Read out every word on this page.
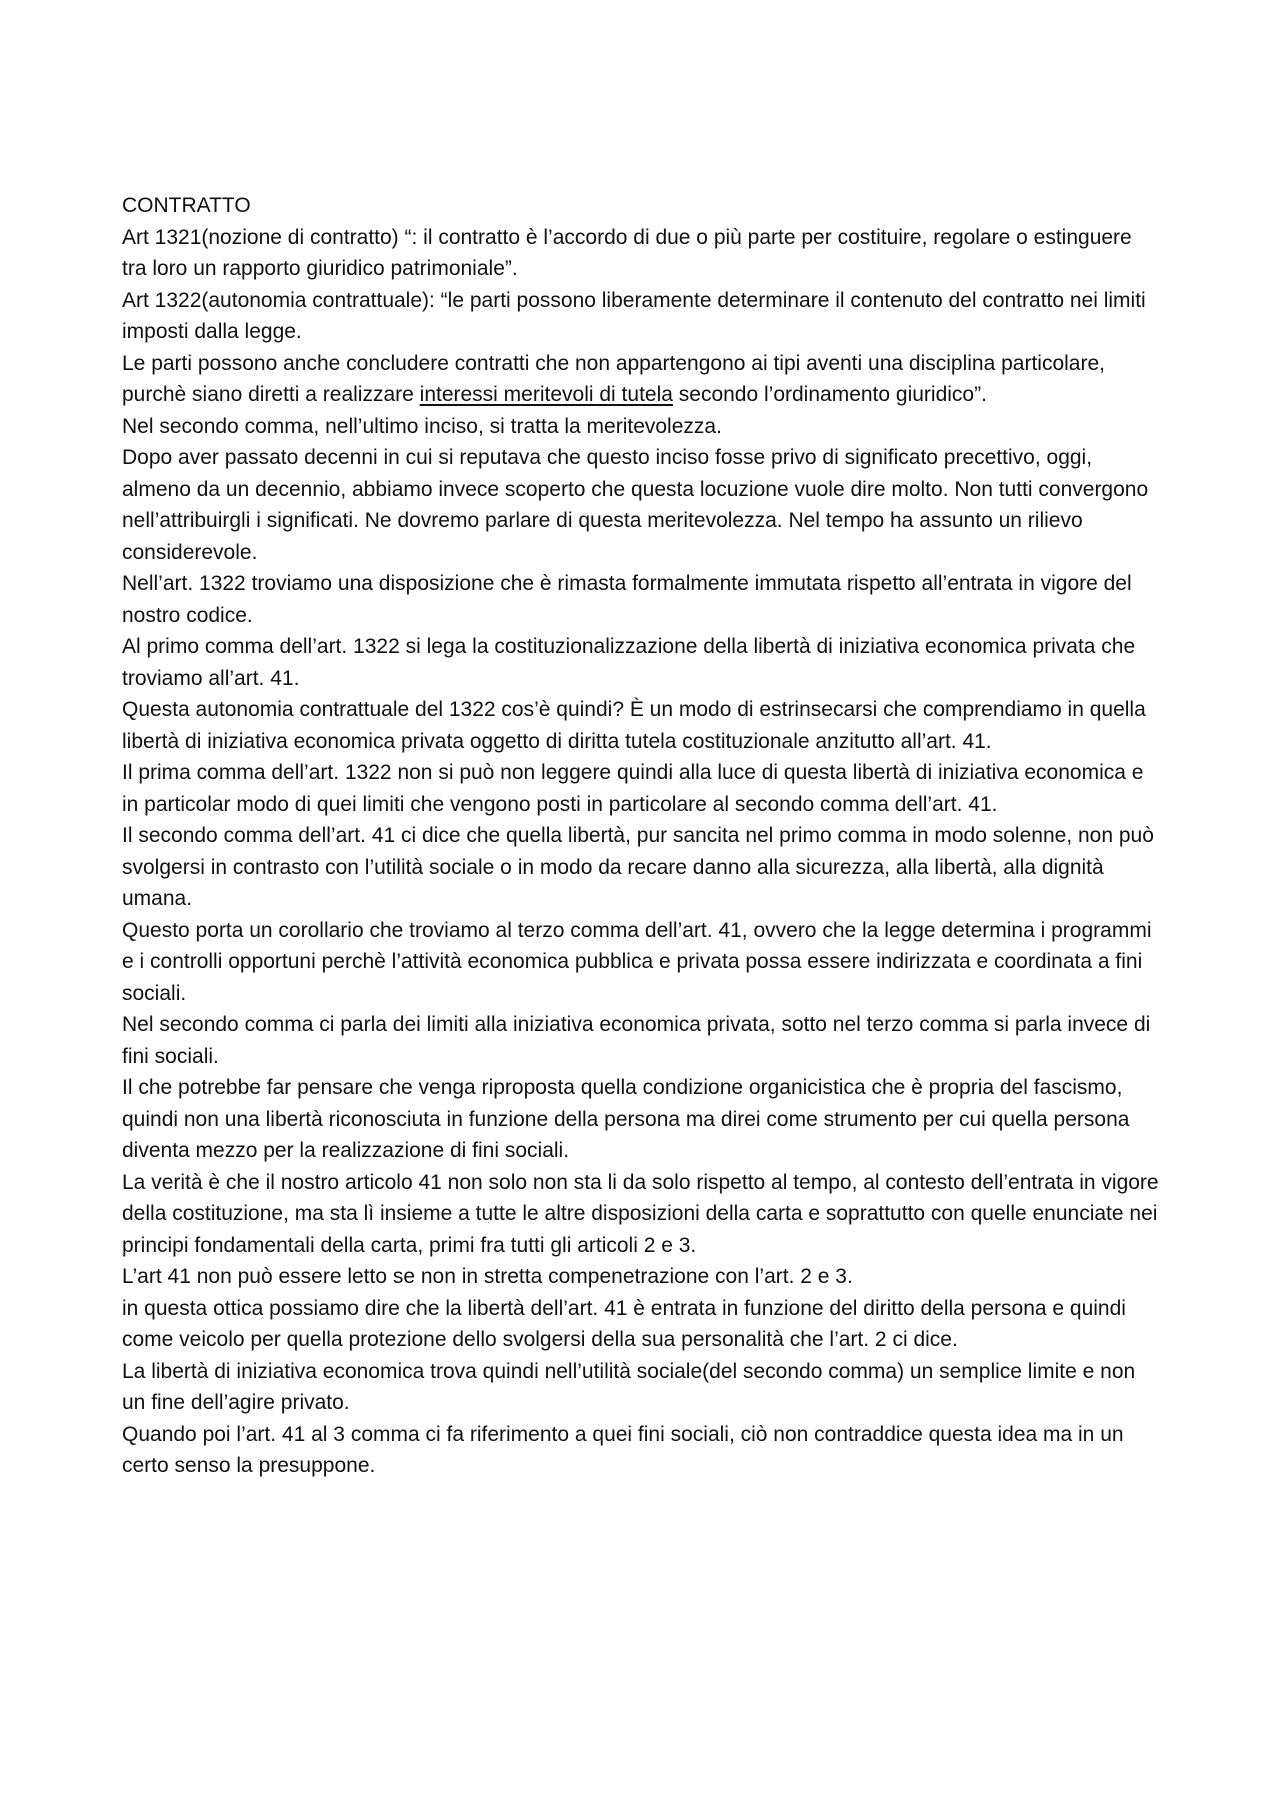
CONTRATTO

Art 1321(nozione di contratto) “: il contratto è l’accordo di due o più parte per costituire, regolare o estinguere tra loro un rapporto giuridico patrimoniale”.

Art 1322(autonomia contrattuale): “le parti possono liberamente determinare il contenuto del contratto nei limiti imposti dalla legge.

Le parti possono anche concludere contratti che non appartengono ai tipi aventi una disciplina particolare, purchè siano diretti a realizzare interessi meritevoli di tutela secondo l’ordinamento giuridico”.

Nel secondo comma, nell’ultimo inciso, si tratta la meritevolezza.

Dopo aver passato decenni in cui si reputava che questo inciso fosse privo di significato precettivo, oggi, almeno da un decennio, abbiamo invece scoperto che questa locuzione vuole dire molto. Non tutti convergono nell’attribuirgli i significati. Ne dovremo parlare di questa meritevolezza. Nel tempo ha assunto un rilievo considerevole.

Nell’art. 1322 troviamo una disposizione che è rimasta formalmente immutata rispetto all’entrata in vigore del nostro codice.

Al primo comma dell’art. 1322 si lega la costituzionalizzazione della libertà di iniziativa economica privata che troviamo all’art. 41.

Questa autonomia contrattuale del 1322 cos’è quindi? È un modo di estrinsecarsi che comprendiamo in quella libertà di iniziativa economica privata oggetto di diritta tutela costituzionale anzitutto all’art. 41.

Il prima comma dell’art. 1322 non si può non leggere quindi alla luce di questa libertà di iniziativa economica e in particolar modo di quei limiti che vengono posti in particolare al secondo comma dell’art. 41.

Il secondo comma dell’art. 41 ci dice che quella libertà, pur sancita nel primo comma in modo solenne, non può svolgersi in contrasto con l’utilità sociale o in modo da recare danno alla sicurezza, alla libertà, alla dignità umana.

Questo porta un corollario che troviamo al terzo comma dell’art. 41, ovvero che la legge determina i programmi e i controlli opportuni perchè l’attività economica pubblica e privata possa essere indirizzata e coordinata a fini sociali.

Nel secondo comma ci parla dei limiti alla iniziativa economica privata, sotto nel terzo comma si parla invece di fini sociali.

Il che potrebbe far pensare che venga riproposta quella condizione organicistica che è propria del fascismo, quindi non una libertà riconosciuta in funzione della persona ma direi come strumento per cui quella persona diventa mezzo per la realizzazione di fini sociali.

La verità è che il nostro articolo 41 non solo non sta li da solo rispetto al tempo, al contesto dell’entrata in vigore della costituzione, ma sta lì insieme a tutte le altre disposizioni della carta e soprattutto con quelle enunciate nei principi fondamentali della carta, primi fra tutti gli articoli 2 e 3.

L’art 41 non può essere letto se non in stretta compenetrazione con l’art. 2 e 3.

in questa ottica possiamo dire che la libertà dell’art. 41 è entrata in funzione del diritto della persona e quindi come veicolo per quella protezione dello svolgersi della sua personalità che l’art. 2 ci dice.

La libertà di iniziativa economica trova quindi nell’utilità sociale(del secondo comma) un semplice limite e non un fine dell’agire privato.

Quando poi l’art. 41 al 3 comma ci fa riferimento a quei fini sociali, ciò non contraddice questa idea ma in un certo senso la presuppone.
